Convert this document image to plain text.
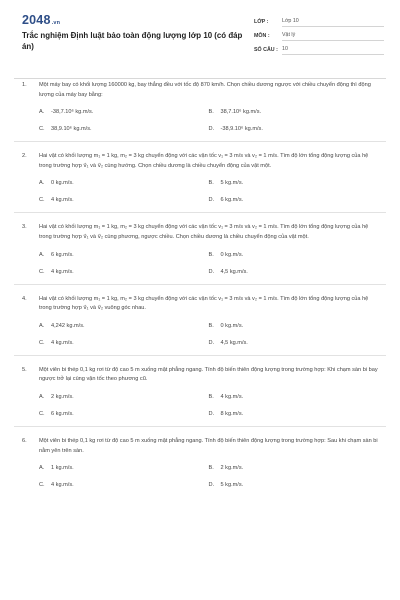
2048.vn
Trắc nghiệm Định luật bảo toàn động lượng lớp 10 (có đáp án)
LỚP :	Lớp 10
MÔN :	Vật lý
SỐ CÂU : 10
1.	Một máy bay có khối lượng 160000 kg, bay thẳng đều với tốc độ 870 km/h. Chọn chiều dương ngược với chiều chuyển động thì động lượng của máy bay bằng:
A.	-38,7.10⁶ kg.m/s.	B.	38,7.10⁶ kg.m/s.
C.	38,9.10⁶ kg.m/s.	D.	-38,9.10⁶ kg.m/s.
2.	Hai vật có khối lượng m₁ = 1 kg, m₂ = 3 kg chuyển động với các vận tốc v₁ = 3 m/s và v₂ = 1 m/s. Tìm độ lớn tổng động lượng của hệ trong trường hợp v⃗₁ và v⃗₂ cùng hướng. Chọn chiều dương là chiều chuyển động của vật một.
A.	0 kg.m/s.	B.	5 kg.m/s.
C.	4 kg.m/s.	D.	6 kg.m/s.
3.	Hai vật có khối lượng m₁ = 1 kg, m₂ = 3 kg chuyển động với các vận tốc v₁ = 3 m/s và v₂ = 1 m/s. Tìm độ lớn tổng động lượng của hệ trong trường hợp v⃗₁ và v⃗₂ cùng phương, ngược chiều. Chọn chiều dương là chiều chuyển động của vật một.
A.	6 kg.m/s.	B.	0 kg.m/s.
C.	4 kg.m/s.	D.	4,5 kg.m/s.
4.	Hai vật có khối lượng m₁ = 1 kg, m₂ = 3 kg chuyển động với các vận tốc v₁ = 3 m/s và v₂ = 1 m/s. Tìm độ lớn tổng động lượng của hệ trong trường hợp v⃗₁ và v⃗₂ vuông góc nhau.
A.	4,242 kg.m/s.	B.	0 kg.m/s.
C.	4 kg.m/s.	D.	4,5 kg.m/s.
5.	Một viên bi thép 0,1 kg rơi từ độ cao 5 m xuống mặt phẳng ngang. Tính độ biến thiên động lượng trong trường hợp: Khi chạm sàn bi bay ngược trở lại cùng vận tốc theo phương cũ.
A.	2 kg.m/s.	B.	4 kg.m/s.
C.	6 kg.m/s.	D.	8 kg.m/s.
6.	Một viên bi thép 0,1 kg rơi từ độ cao 5 m xuống mặt phẳng ngang. Tính độ biến thiên động lượng trong trường hợp: Sau khi chạm sàn bi nằm yên trên sàn.
A.	1 kg.m/s.	B.	2 kg.m/s.
C.	4 kg.m/s.	D.	5 kg.m/s.
